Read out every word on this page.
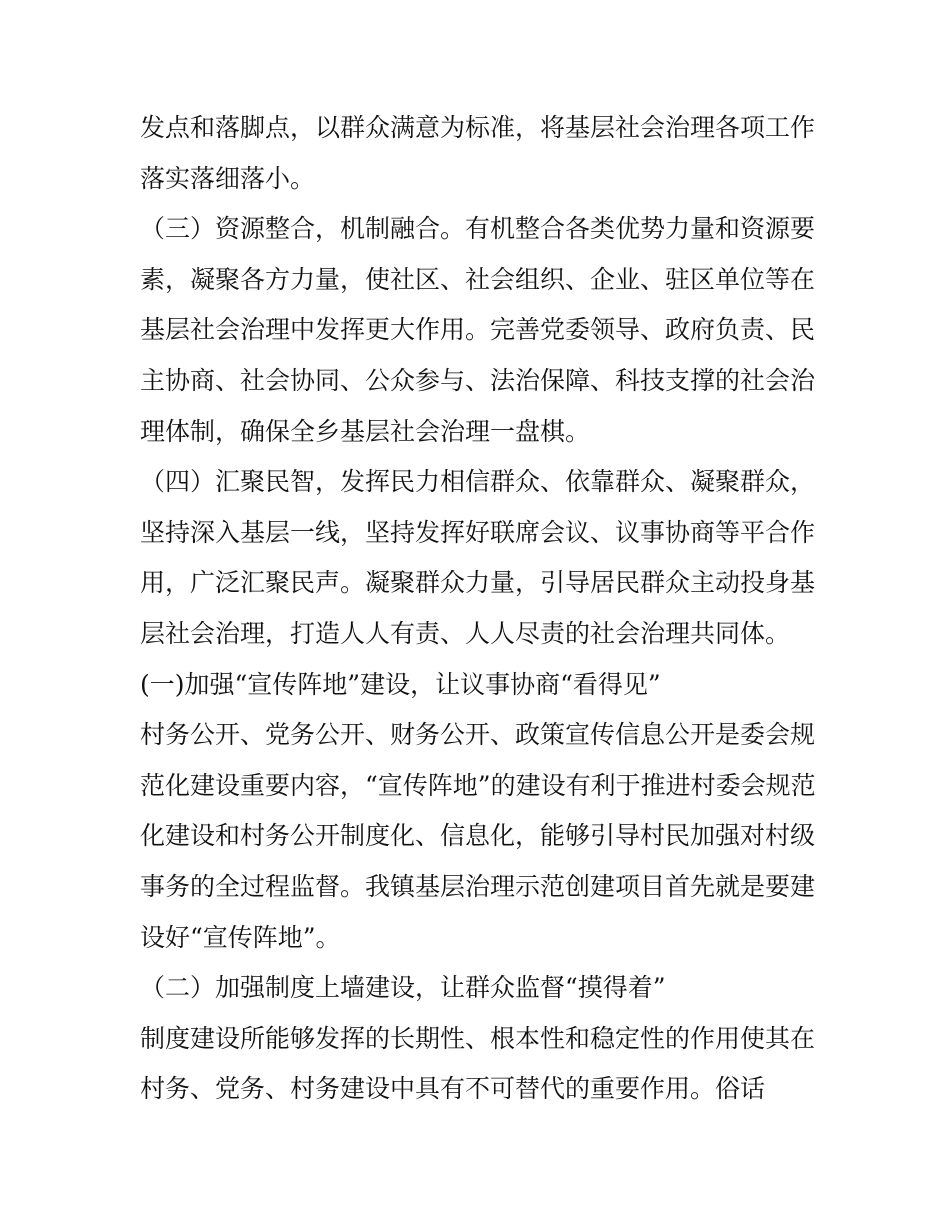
发点和落脚点，以群众满意为标准，将基层社会治理各项工作
落实落细落小。
（三）资源整合，机制融合。有机整合各类优势力量和资源要
素，凝聚各方力量，使社区、社会组织、企业、驻区单位等在
基层社会治理中发挥更大作用。完善党委领导、政府负责、民
主协商、社会协同、公众参与、法治保障、科技支撑的社会治
理体制，确保全乡基层社会治理一盘棋。
（四）汇聚民智，发挥民力相信群众、依靠群众、凝聚群众，
坚持深入基层一线，坚持发挥好联席会议、议事协商等平合作
用，广泛汇聚民声。凝聚群众力量，引导居民群众主动投身基
层社会治理，打造人人有责、人人尽责的社会治理共同体。
(一)加强“宣传阵地”建设，让议事协商“看得见”
村务公开、党务公开、财务公开、政策宣传信息公开是委会规
范化建设重要内容，“宣传阵地”的建设有利于推进村委会规范
化建设和村务公开制度化、信息化，能够引导村民加强对村级
事务的全过程监督。我镇基层治理示范创建项目首先就是要建
设好“宣传阵地”。
（二）加强制度上墙建设，让群众监督“摸得着”
制度建设所能够发挥的长期性、根本性和稳定性的作用使其在
村务、党务、村务建设中具有不可替代的重要作用。俗话
